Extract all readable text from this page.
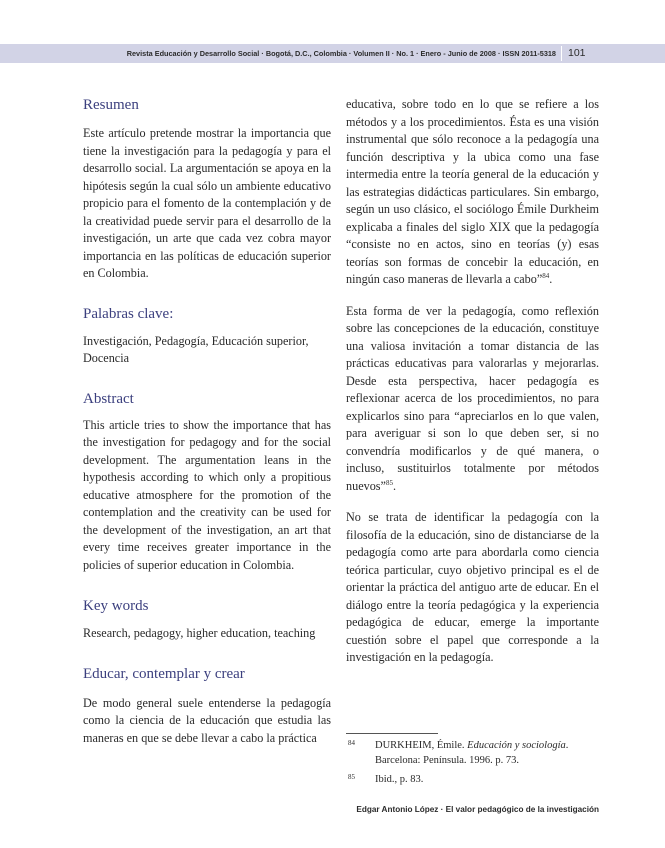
Revista Educación y Desarrollo Social · Bogotá, D.C., Colombia · Volumen II · No. 1 · Enero - Junio de 2008 · ISSN 2011-5318 101
Resumen

Este artículo pretende mostrar la importancia que tiene la investigación para la pedagogía y para el desarrollo social. La argumentación se apoya en la hipótesis según la cual sólo un ambiente educativo propicio para el fomento de la contemplación y de la creatividad puede servir para el desarrollo de la investigación, un arte que cada vez cobra mayor importancia en las políticas de educación superior en Colombia.

Palabras clave:

Investigación, Pedagogía, Educación superior, Docencia

Abstract

This article tries to show the importance that has the investigation for pedagogy and for the social development. The argumentation leans in the hypothesis according to which only a propitious educative atmosphere for the promotion of the contemplation and the creativity can be used for the development of the investigation, an art that every time receives greater importance in the policies of superior education in Colombia.

Key words

Research, pedagogy, higher education, teaching

Educar, contemplar y crear

De modo general suele entenderse la pedagogía como la ciencia de la educación que estudia las maneras en que se debe llevar a cabo la práctica

educativa, sobre todo en lo que se refiere a los métodos y a los procedimientos. Ésta es una visión instrumental que sólo reconoce a la pedagogía una función descriptiva y la ubica como una fase intermedia entre la teoría general de la educación y las estrategias didácticas particulares. Sin embargo, según un uso clásico, el sociólogo Émile Durkheim explicaba a finales del siglo XIX que la pedagogía “consiste no en actos, sino en teorías (y) esas teorías son formas de concebir la educación, en ningún caso maneras de llevarla a cabo”$^{84}$.

Esta forma de ver la pedagogía, como reflexión sobre las concepciones de la educación, constituye una valiosa invitación a tomar distancia de las prácticas educativas para valorarlas y mejorarlas. Desde esta perspectiva, hacer pedagogía es reflexionar acerca de los procedimientos, no para explicarlos sino para “apreciarlos en lo que valen, para averiguar si son lo que deben ser, si no convendría modificarlos y de qué manera, o incluso, sustituirlos totalmente por métodos nuevos”$^{85}$.

No se trata de identificar la pedagogía con la filosofía de la educación, sino de distanciarse de la pedagogía como arte para abordarla como ciencia teórica particular, cuyo objetivo principal es el de orientar la práctica del antiguo arte de educar. En el diálogo entre la teoría pedagógica y la experiencia pedagógica de educar, emerge la importante cuestión sobre el papel que corresponde a la investigación en la pedagogía.

84 DURKHEIM, Émile. Educación y sociología. Barcelona: Península. 1996. p. 73.
85 Ibid., p. 83.
Edgar Antonio López · El valor pedagógico de la investigación
